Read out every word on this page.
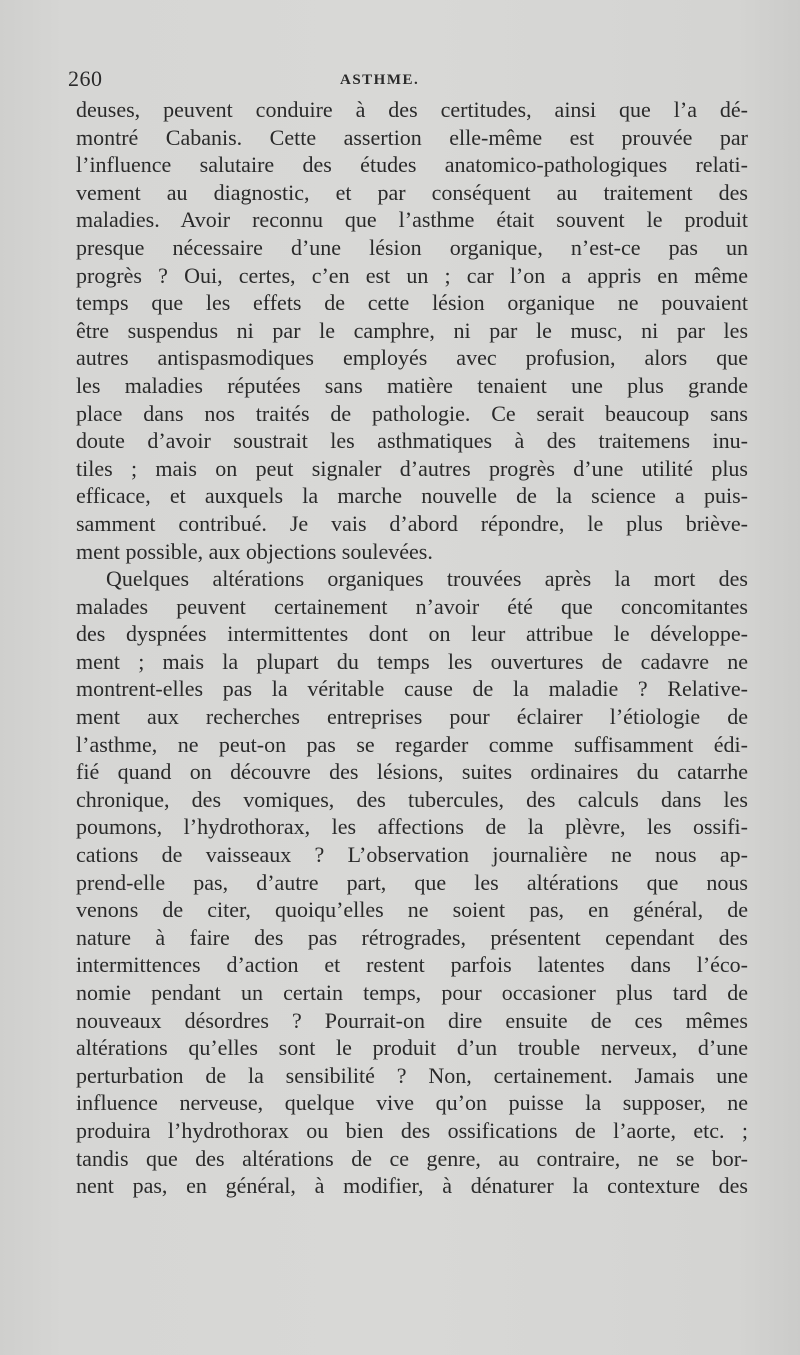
260	ASTHME.
deuses, peuvent conduire à des certitudes, ainsi que l’a dé-
montré Cabanis. Cette assertion elle-même est prouvée par
l’influence salutaire des études anatomico-pathologiques relati-
vement au diagnostic, et par conséquent au traitement des
maladies. Avoir reconnu que l’asthme était souvent le produit
presque nécessaire d’une lésion organique, n’est-ce pas un
progrès ? Oui, certes, c’en est un ; car l’on a appris en même
temps que les effets de cette lésion organique ne pouvaient
être suspendus ni par le camphre, ni par le musc, ni par les
autres antispasmodiques employés avec profusion, alors que
les maladies réputées sans matière tenaient une plus grande
place dans nos traités de pathologie. Ce serait beaucoup sans
doute d’avoir soustrait les asthmatiques à des traitemens inu-
tiles ; mais on peut signaler d’autres progrès d’une utilité plus
efficace, et auxquels la marche nouvelle de la science a puis-
samment contribué. Je vais d’abord répondre, le plus briève-
ment possible, aux objections soulevées.
Quelques altérations organiques trouvées après la mort des
malades peuvent certainement n’avoir été que concomitantes
des dyspnées intermittentes dont on leur attribue le développe-
ment ; mais la plupart du temps les ouvertures de cadavre ne
montrent-elles pas la véritable cause de la maladie ? Relative-
ment aux recherches entreprises pour éclairer l’étiologie de
l’asthme, ne peut-on pas se regarder comme suffisamment édi-
fié quand on découvre des lésions, suites ordinaires du catarrhe
chronique, des vomiques, des tubercules, des calculs dans les
poumons, l’hydrothorax, les affections de la plèvre, les ossifi-
cations de vaisseaux ? L’observation journalière ne nous ap-
prend-elle pas, d’autre part, que les altérations que nous
venons de citer, quoiqu’elles ne soient pas, en général, de
nature à faire des pas rétrogrades, présentent cependant des
intermittences d’action et restent parfois latentes dans l’éco-
nomie pendant un certain temps, pour occasioner plus tard de
nouveaux désordres ? Pourrait-on dire ensuite de ces mêmes
altérations qu’elles sont le produit d’un trouble nerveux, d’une
perturbation de la sensibilité ? Non, certainement. Jamais une
influence nerveuse, quelque vive qu’on puisse la supposer, ne
produira l’hydrothorax ou bien des ossifications de l’aorte, etc. ;
tandis que des altérations de ce genre, au contraire, ne se bor-
nent pas, en général, à modifier, à dénaturer la contexture des
